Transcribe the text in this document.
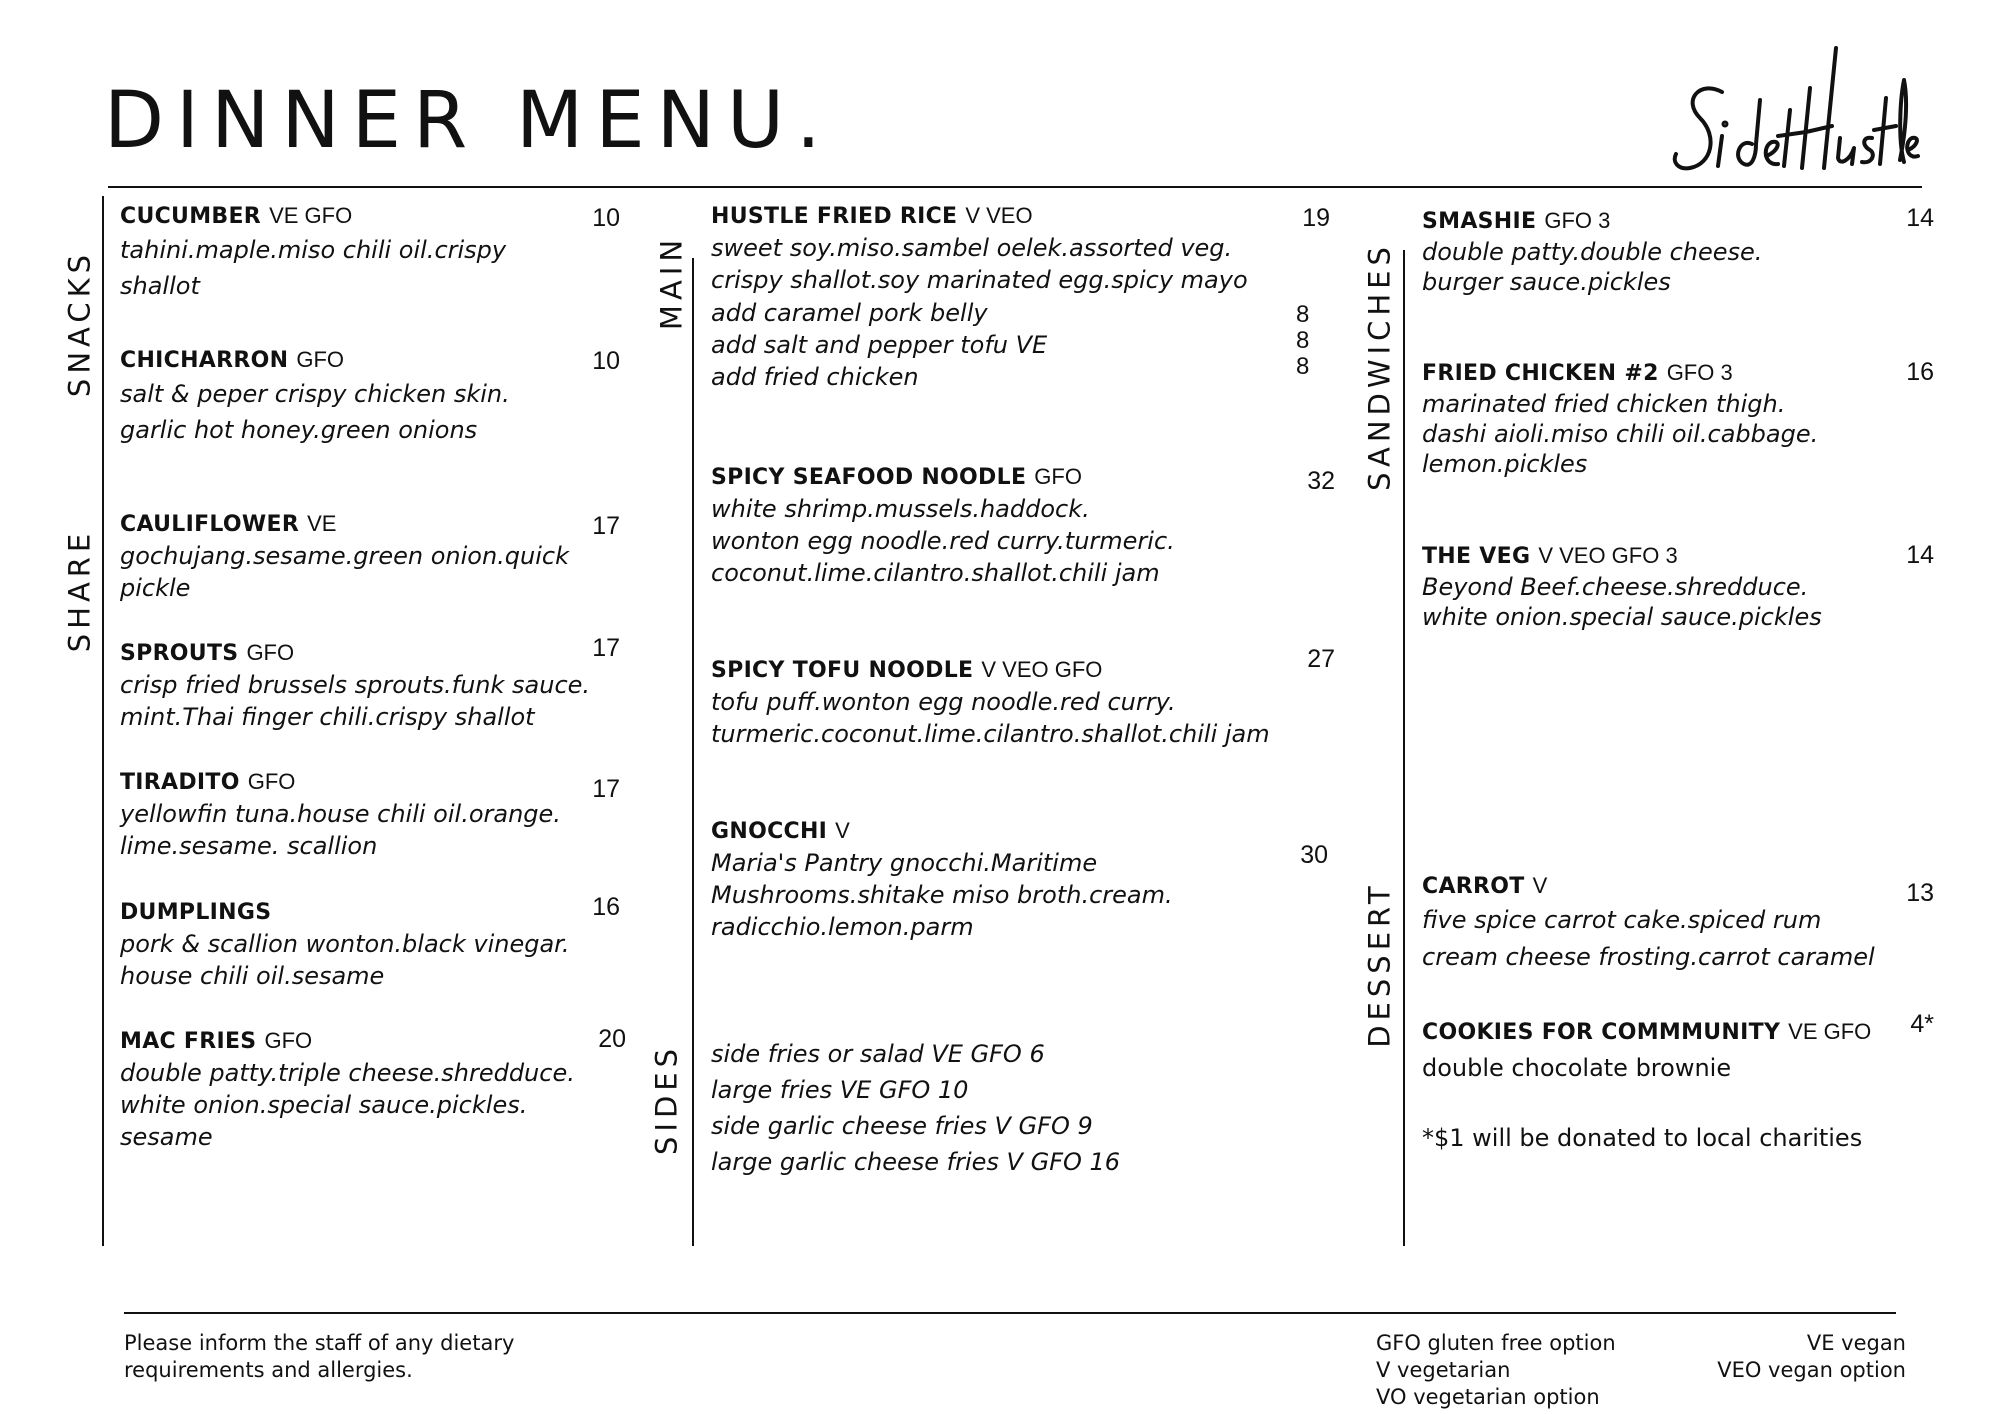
DINNER MENU.
SNACKS
SHARE
MAIN
SIDES
SANDWICHES
DESSERT
CUCUMBER VE GFO
tahini.maple.miso chili oil.crispy
shallot
10
CHICHARRON GFO
salt & peper crispy chicken skin.
garlic hot honey.green onions
10
CAULIFLOWER VE
gochujang.sesame.green onion.quick
pickle
17
SPROUTS GFO
crisp fried brussels sprouts.funk sauce.
mint.Thai finger chili.crispy shallot
17
TIRADITO GFO
yellowfin tuna.house chili oil.orange.
lime.sesame. scallion
17
DUMPLINGS
pork & scallion wonton.black vinegar.
house chili oil.sesame
16
MAC FRIES GFO
double patty.triple cheese.shredduce.
white onion.special sauce.pickles.
sesame
20
HUSTLE FRIED RICE V VEO
sweet soy.miso.sambel oelek.assorted veg.
crispy shallot.soy marinated egg.spicy mayo
19
add caramel pork belly
add salt and pepper tofu VE
add fried chicken
8
8
8
SPICY SEAFOOD NOODLE GFO
white shrimp.mussels.haddock.
wonton egg noodle.red curry.turmeric.
coconut.lime.cilantro.shallot.chili jam
32
SPICY TOFU NOODLE V VEO GFO
tofu puff.wonton egg noodle.red curry.
turmeric.coconut.lime.cilantro.shallot.chili jam
27
GNOCCHI V
Maria's Pantry gnocchi.Maritime
Mushrooms.shitake miso broth.cream.
radicchio.lemon.parm
30
side fries or salad VE GFO 6
large fries VE GFO 10
side garlic cheese fries V GFO 9
large garlic cheese fries V GFO 16
SMASHIE GFO 3
double patty.double cheese.
burger sauce.pickles
14
FRIED CHICKEN #2 GFO 3
marinated fried chicken thigh.
dashi aioli.miso chili oil.cabbage.
lemon.pickles
16
THE VEG V VEO GFO 3
Beyond Beef.cheese.shredduce.
white onion.special sauce.pickles
14
CARROT V
five spice carrot cake.spiced rum
cream cheese frosting.carrot caramel
13
COOKIES FOR COMMMUNITY VE GFO
double chocolate brownie
4*
*$1 will be donated to local charities
Please inform the staff of any dietary
requirements and allergies.
GFO gluten free option
V vegetarian
VO vegetarian option
VE vegan
VEO vegan option
